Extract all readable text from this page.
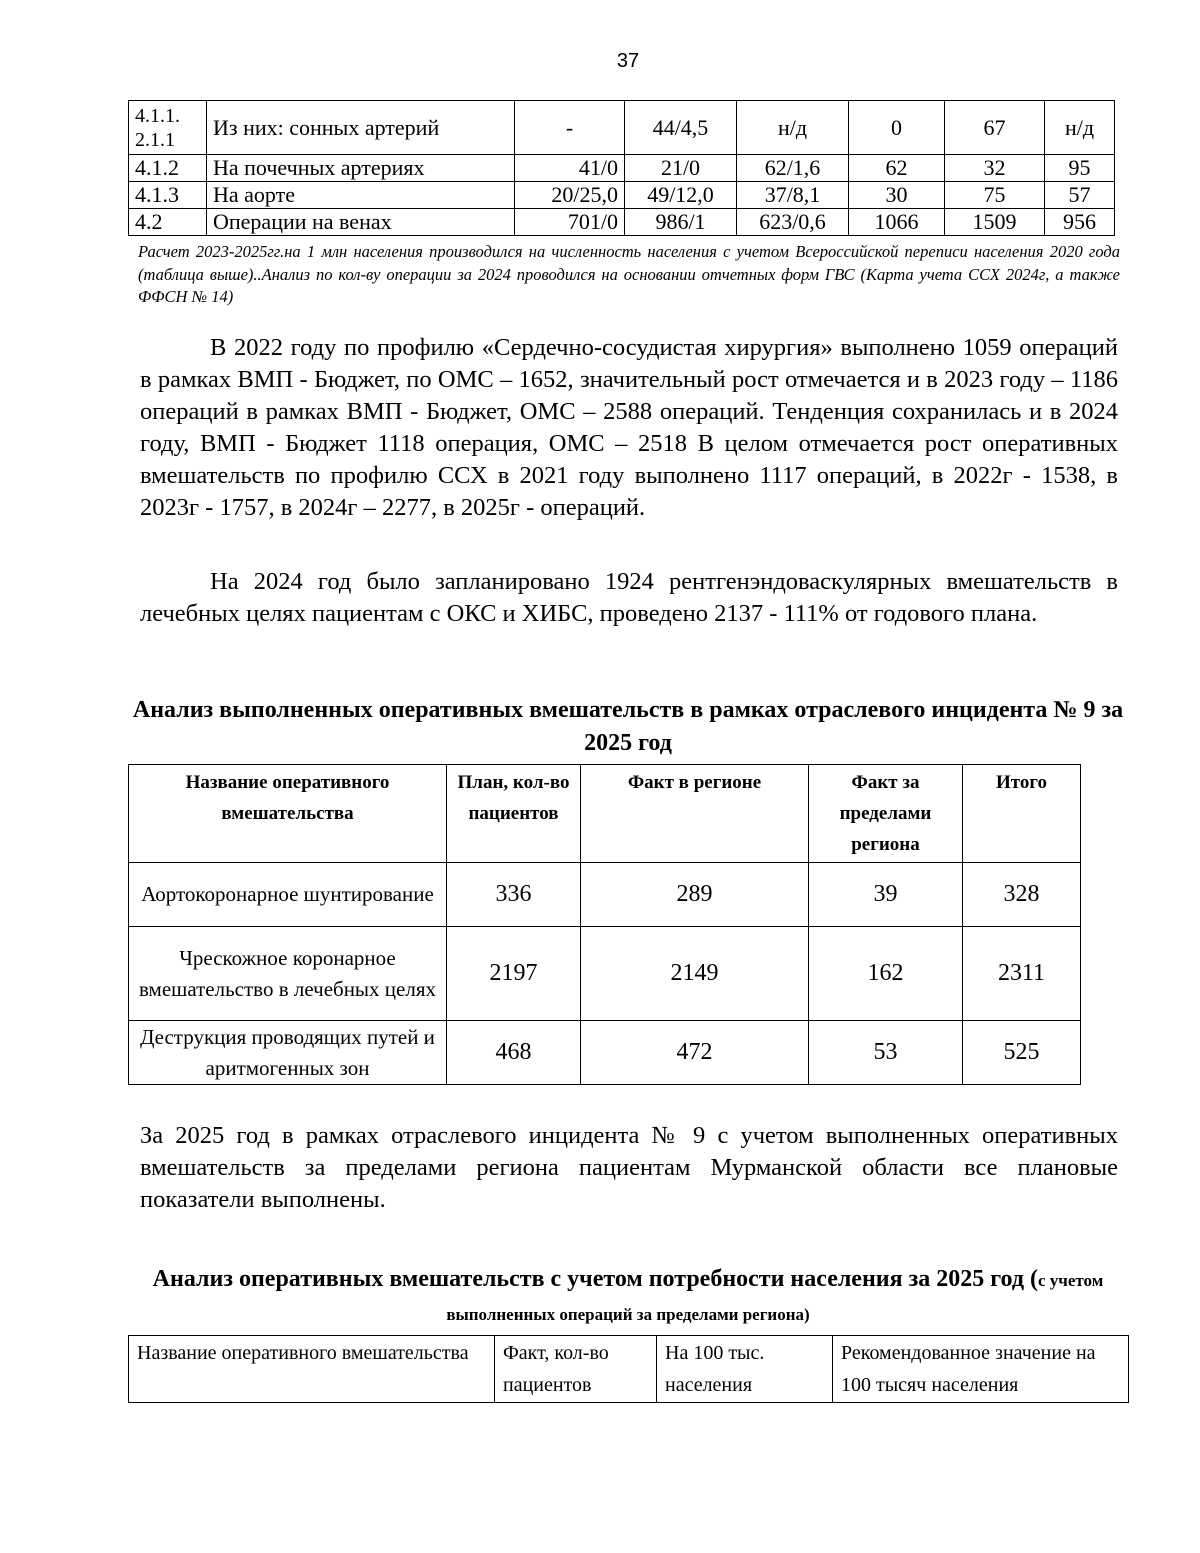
37
4.1.1.
2.1.1	Из них: сонных артерий	-	44/4,5	н/д	0	67	н/д
4.1.2	На почечных артериях	41/0	21/0	62/1,6	62	32	95
4.1.3	На аорте	20/25,0	49/12,0	37/8,1	30	75	57
4.2	Операции на венах	701/0	986/1	623/0,6	1066	1509	956
Расчет 2023-2025гг.на 1 млн населения производился на численность населения с учетом Всероссийской переписи населения 2020 года (таблица выше)..Анализ по кол-ву операции за 2024 проводился на основании отчетных форм ГВС (Карта учета ССХ 2024г, а также ФФСН № 14)
В 2022 году по профилю «Сердечно-сосудистая хирургия» выполнено 1059 операций в рамках ВМП - Бюджет, по ОМС – 1652, значительный рост отмечается и в 2023 году – 1186 операций в рамках ВМП - Бюджет, ОМС – 2588 операций. Тенденция сохранилась и в 2024 году, ВМП - Бюджет 1118 операция, ОМС – 2518 В целом отмечается рост оперативных вмешательств по профилю ССХ в 2021 году выполнено 1117 операций, в 2022г - 1538, в 2023г - 1757, в 2024г – 2277, в 2025г - операций.
На 2024 год было запланировано 1924 рентгенэндоваскулярных вмешательств в лечебных целях пациентам с ОКС и ХИБС, проведено 2137 - 111% от годового плана.
Анализ выполненных оперативных вмешательств в рамках отраслевого инцидента № 9 за 2025 год
Название оперативного вмешательства	План, кол-во пациентов	Факт в регионе	Факт за пределами региона	Итого
Аортокоронарное шунтирование	336	289	39	328
Чрескожное коронарное вмешательство в лечебных целях	2197	2149	162	2311
Деструкция проводящих путей и аритмогенных зон	468	472	53	525
За 2025 год в рамках отраслевого инцидента № 9 с учетом выполненных оперативных вмешательств за пределами региона пациентам Мурманской области все плановые показатели выполнены.
Анализ оперативных вмешательств с учетом потребности населения за 2025 год (с учетом выполненных операций за пределами региона)
Название оперативного вмешательства	Факт, кол-во пациентов	На 100 тыс. населения	Рекомендованное значение на 100 тысяч населения
